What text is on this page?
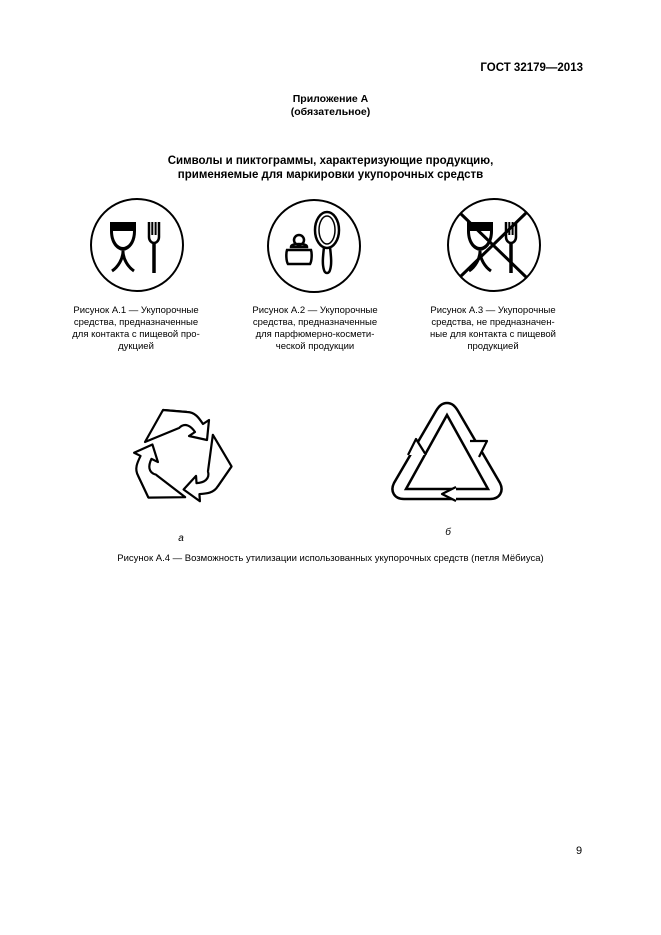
ГОСТ 32179—2013
Приложение А
(обязательное)
Символы и пиктограммы, характеризующие продукцию,
применяемые для маркировки укупорочных средств
Рисунок А.1 — Укупорочные
средства, предназначенные
для контакта с пищевой про-
дукцией
Рисунок А.2 — Укупорочные
средства, предназначенные
для парфюмерно-космети-
ческой продукции
Рисунок А.3 — Укупорочные
средства, не предназначен-
ные для контакта с пищевой
продукцией
а
б
Рисунок А.4 — Возможность утилизации использованных укупорочных средств (петля Мёбиуса)
9
